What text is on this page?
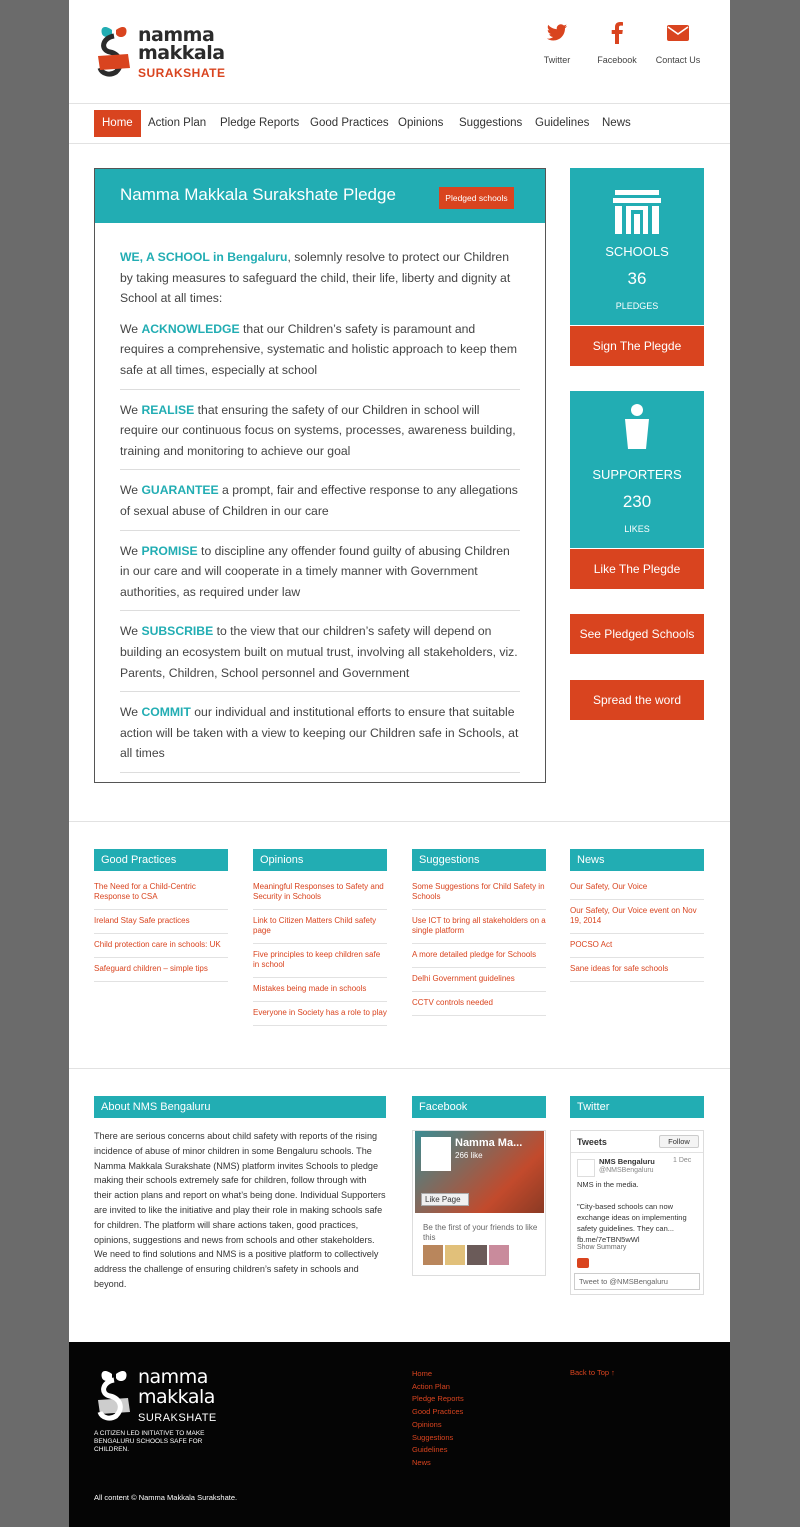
namma
makkala
SURAKSHATE
Twitter	Facebook	Contact Us
Home	Action Plan Pledge Reports Good Practices Opinions Suggestions Guidelines News
Namma Makkala Surakshate Pledge	Pledged schools

WE, A SCHOOL in Bengaluru, solemnly resolve to protect our Children by taking measures to safeguard the child, their life, liberty and dignity at School at all times:

We ACKNOWLEDGE that our Children’s safety is paramount and requires a comprehensive, systematic and holistic approach to keep them safe at all times, especially at school

We REALISE that ensuring the safety of our Children in school will require our continuous focus on systems, processes, awareness building, training and monitoring to achieve our goal

We GUARANTEE a prompt, fair and effective response to any allegations of sexual abuse of Children in our care

We PROMISE to discipline any offender found guilty of abusing Children in our care and will cooperate in a timely manner with Government authorities, as required under law

We SUBSCRIBE to the view that our children’s safety will depend on building an ecosystem built on mutual trust, involving all stakeholders, viz. Parents, Children, School personnel and Government

We COMMIT our individual and institutional efforts to ensure that suitable action will be taken with a view to keeping our Children safe in Schools, at all times

SCHOOLS
36
PLEDGES
Sign The Plegde
SUPPORTERS
230
LIKES
Like The Plegde
See Pledged Schools
Spread the word
Good Practices
The Need for a Child-Centric Response to CSA
Ireland Stay Safe practices
Child protection care in schools: UK
Safeguard children – simple tips
Opinions
Meaningful Responses to Safety and Security in Schools
Link to Citizen Matters Child safety page
Five principles to keep children safe in school
Mistakes being made in schools
Everyone in Society has a role to play
Suggestions
Some Suggestions for Child Safety in Schools
Use ICT to bring all stakeholders on a single platform
A more detailed pledge for Schools
Delhi Government guidelines
CCTV controls needed
News
Our Safety, Our Voice
Our Safety, Our Voice event on Nov 19, 2014
POCSO Act
Sane ideas for safe schools
About NMS Bengaluru

There are serious concerns about child safety with reports of the rising incidence of abuse of minor children in some Bengaluru schools. The Namma Makkala Surakshate (NMS) platform invites Schools to pledge making their schools extremely safe for children, follow through with their action plans and report on what’s being done. Individual Supporters are invited to like the initiative and play their role in making schools safe for children. The platform will share actions taken, good practices, opinions, suggestions and news from schools and other stakeholders. We need to find solutions and NMS is a positive platform to collectively address the challenge of ensuring children’s safety in schools and beyond.

Facebook
Namma Ma...
266 like
Like Page
Be the first of your friends to like this
Twitter
Tweets	Follow
NMS Bengaluru
@NMSBengaluru
1 Dec
NMS in the media.
"City-based schools can now exchange ideas on implementing safety guidelines. They can... fb.me/7eTBN5wWl
Show Summary
Tweet to @NMSBengaluru
namma
makkala
SURAKSHATE
A CITIZEN LED INITIATIVE TO MAKE BENGALURU SCHOOLS SAFE FOR CHILDREN.
Home
Action Plan
Pledge Reports
Good Practices
Opinions
Suggestions
Guidelines
News
Back to Top ↑
All content © Namma Makkala Surakshate.
